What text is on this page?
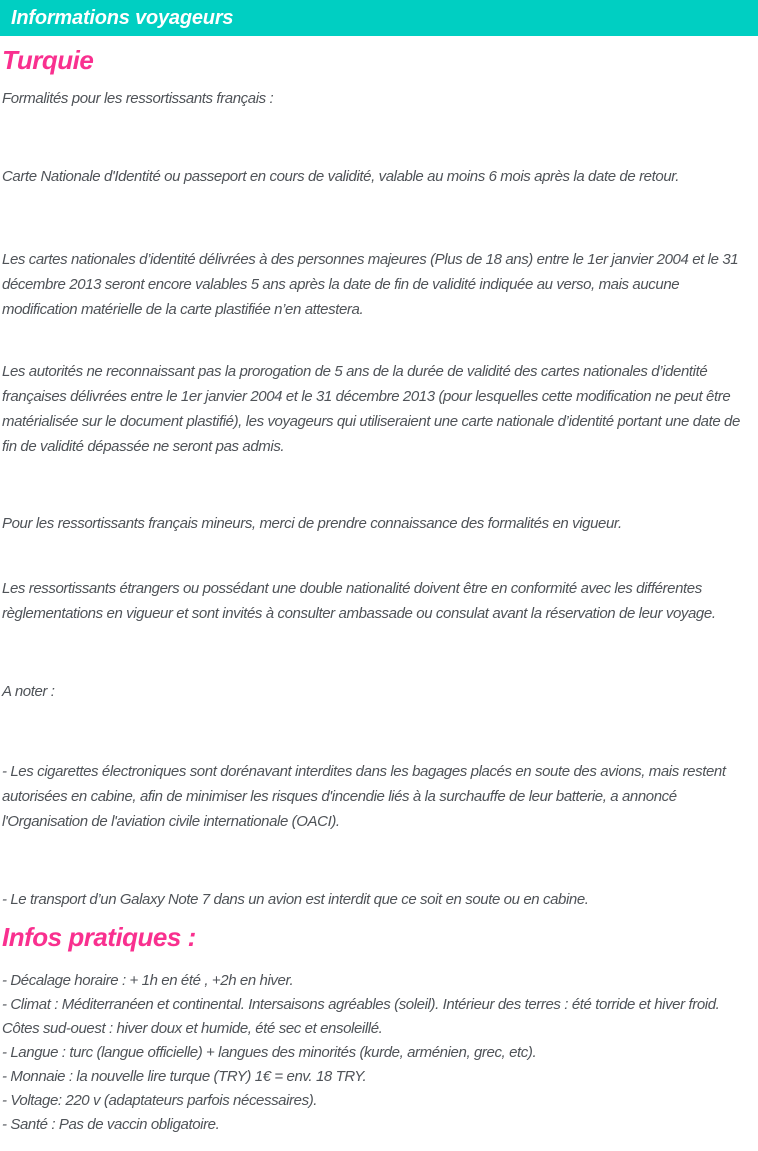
Informations voyageurs
Turquie

Formalités pour les ressortissants français :

Carte Nationale d'Identité ou passeport en cours de validité, valable au moins 6 mois après la date de retour.

Les cartes nationales d’identité délivrées à des personnes majeures (Plus de 18 ans) entre le 1er janvier 2004 et le 31 décembre 2013 seront encore valables 5 ans après la date de fin de validité indiquée au verso, mais aucune modification matérielle de la carte plastifiée n’en attestera.

Les autorités ne reconnaissant pas la prorogation de 5 ans de la durée de validité des cartes nationales d’identité françaises délivrées entre le 1er janvier 2004 et le 31 décembre 2013 (pour lesquelles cette modification ne peut être matérialisée sur le document plastifié), les voyageurs qui utiliseraient une carte nationale d’identité portant une date de fin de validité dépassée ne seront pas admis.

Pour les ressortissants français mineurs, merci de prendre connaissance des formalités en vigueur.

Les ressortissants étrangers ou possédant une double nationalité doivent être en conformité avec les différentes règlementations en vigueur et sont invités à consulter ambassade ou consulat avant la réservation de leur voyage.

A noter :

- Les cigarettes électroniques sont dorénavant interdites dans les bagages placés en soute des avions, mais restent autorisées en cabine, afin de minimiser les risques d'incendie liés à la surchauffe de leur batterie, a annoncé l'Organisation de l'aviation civile internationale (OACI).

- Le transport d’un Galaxy Note 7 dans un avion est interdit que ce soit en soute ou en cabine.

Infos pratiques :
- Décalage horaire : + 1h en été , +2h en hiver.
- Climat : Méditerranéen et continental. Intersaisons agréables (soleil). Intérieur des terres : été torride et hiver froid. Côtes sud-ouest : hiver doux et humide, été sec et ensoleillé.
- Langue : turc (langue officielle) + langues des minorités (kurde, arménien, grec, etc).
- Monnaie : la nouvelle lire turque (TRY) 1€ = env. 18 TRY.
- Voltage: 220 v (adaptateurs parfois nécessaires).
- Santé : Pas de vaccin obligatoire.
